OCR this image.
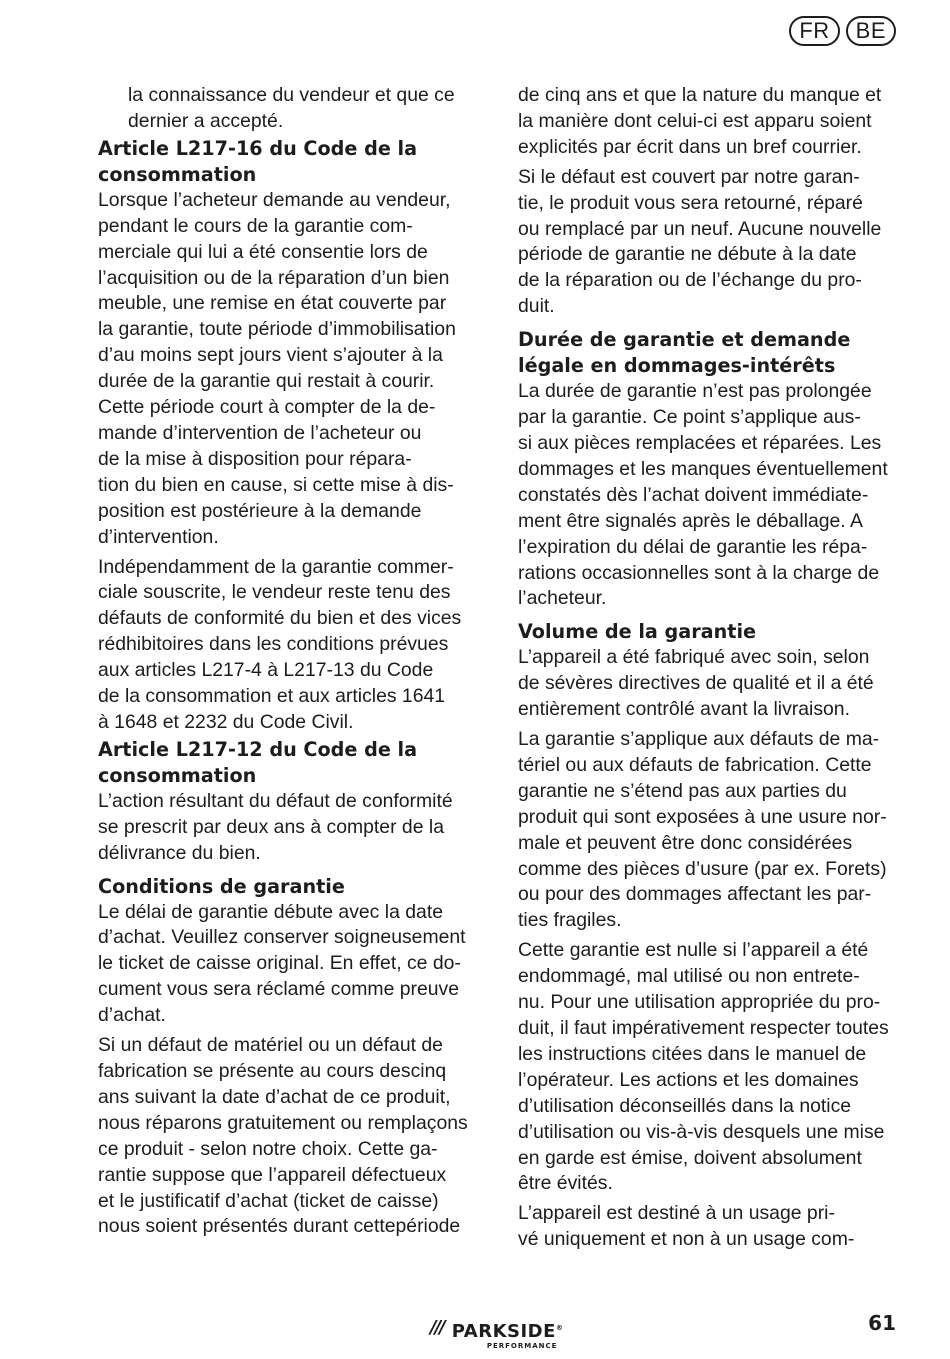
FR	BE

la connaissance du vendeur et que ce
dernier a accepté.

Article L217-16 du Code de la
consommation

Lorsque l’acheteur demande au vendeur,
pendant le cours de la garantie com-
merciale qui lui a été consentie lors de
l’acquisition ou de la réparation d’un bien
meuble, une remise en état couverte par
la garantie, toute période d’immobilisation
d’au moins sept jours vient s’ajouter à la
durée de la garantie qui restait à courir.
Cette période court à compter de la de-
mande d’intervention de l’acheteur ou
de la mise à disposition pour répara-
tion du bien en cause, si cette mise à dis-
position est postérieure à la demande
d’intervention.

Indépendamment de la garantie commer-
ciale souscrite, le vendeur reste tenu des
défauts de conformité du bien et des vices
rédhibitoires dans les conditions prévues
aux articles L217-4 à L217-13 du Code
de la consommation et aux articles 1641
à 1648 et 2232 du Code Civil.

Article L217-12 du Code de la
consommation

L’action résultant du défaut de conformité
se prescrit par deux ans à compter de la
délivrance du bien.

Conditions de garantie

Le délai de garantie débute avec la date
d’achat. Veuillez conserver soigneusement
le ticket de caisse original. En effet, ce do-
cument vous sera réclamé comme preuve
d’achat.

Si un défaut de matériel ou un défaut de
fabrication se présente au cours descinq
ans suivant la date d’achat de ce produit,
nous réparons gratuitement ou remplaçons
ce produit - selon notre choix. Cette ga-
rantie suppose que l’appareil défectueux
et le justificatif d’achat (ticket de caisse)
nous soient présentés durant cettepériode

de cinq ans et que la nature du manque et
la manière dont celui-ci est apparu soient
explicités par écrit dans un bref courrier.

Si le défaut est couvert par notre garan-
tie, le produit vous sera retourné, réparé
ou remplacé par un neuf. Aucune nouvelle
période de garantie ne débute à la date
de la réparation ou de l’échange du pro-
duit.

Durée de garantie et demande
légale en dommages-intérêts

La durée de garantie n’est pas prolongée
par la garantie. Ce point s’applique aus-
si aux pièces remplacées et réparées. Les
dommages et les manques éventuellement
constatés dès l’achat doivent immédiate-
ment être signalés après le déballage. A
l’expiration du délai de garantie les répa-
rations occasionnelles sont à la charge de
l’acheteur.

Volume de la garantie

L’appareil a été fabriqué avec soin, selon
de sévères directives de qualité et il a été
entièrement contrôlé avant la livraison.

La garantie s’applique aux défauts de ma-
tériel ou aux défauts de fabrication. Cette
garantie ne s’étend pas aux parties du
produit qui sont exposées à une usure nor-
male et peuvent être donc considérées
comme des pièces d’usure (par ex. Forets)
ou pour des dommages affectant les par-
ties fragiles.

Cette garantie est nulle si l’appareil a été
endommagé, mal utilisé ou non entrete-
nu. Pour une utilisation appropriée du pro-
duit, il faut impérativement respecter toutes
les instructions citées dans le manuel de
l’opérateur. Les actions et les domaines
d’utilisation déconseillés dans la notice
d’utilisation ou vis-à-vis desquels une mise
en garde est émise, doivent absolument
être évités.

L’appareil est destiné à un usage pri-
vé uniquement et non à un usage com-

/// PARKSIDE®
PERFORMANCE
61
